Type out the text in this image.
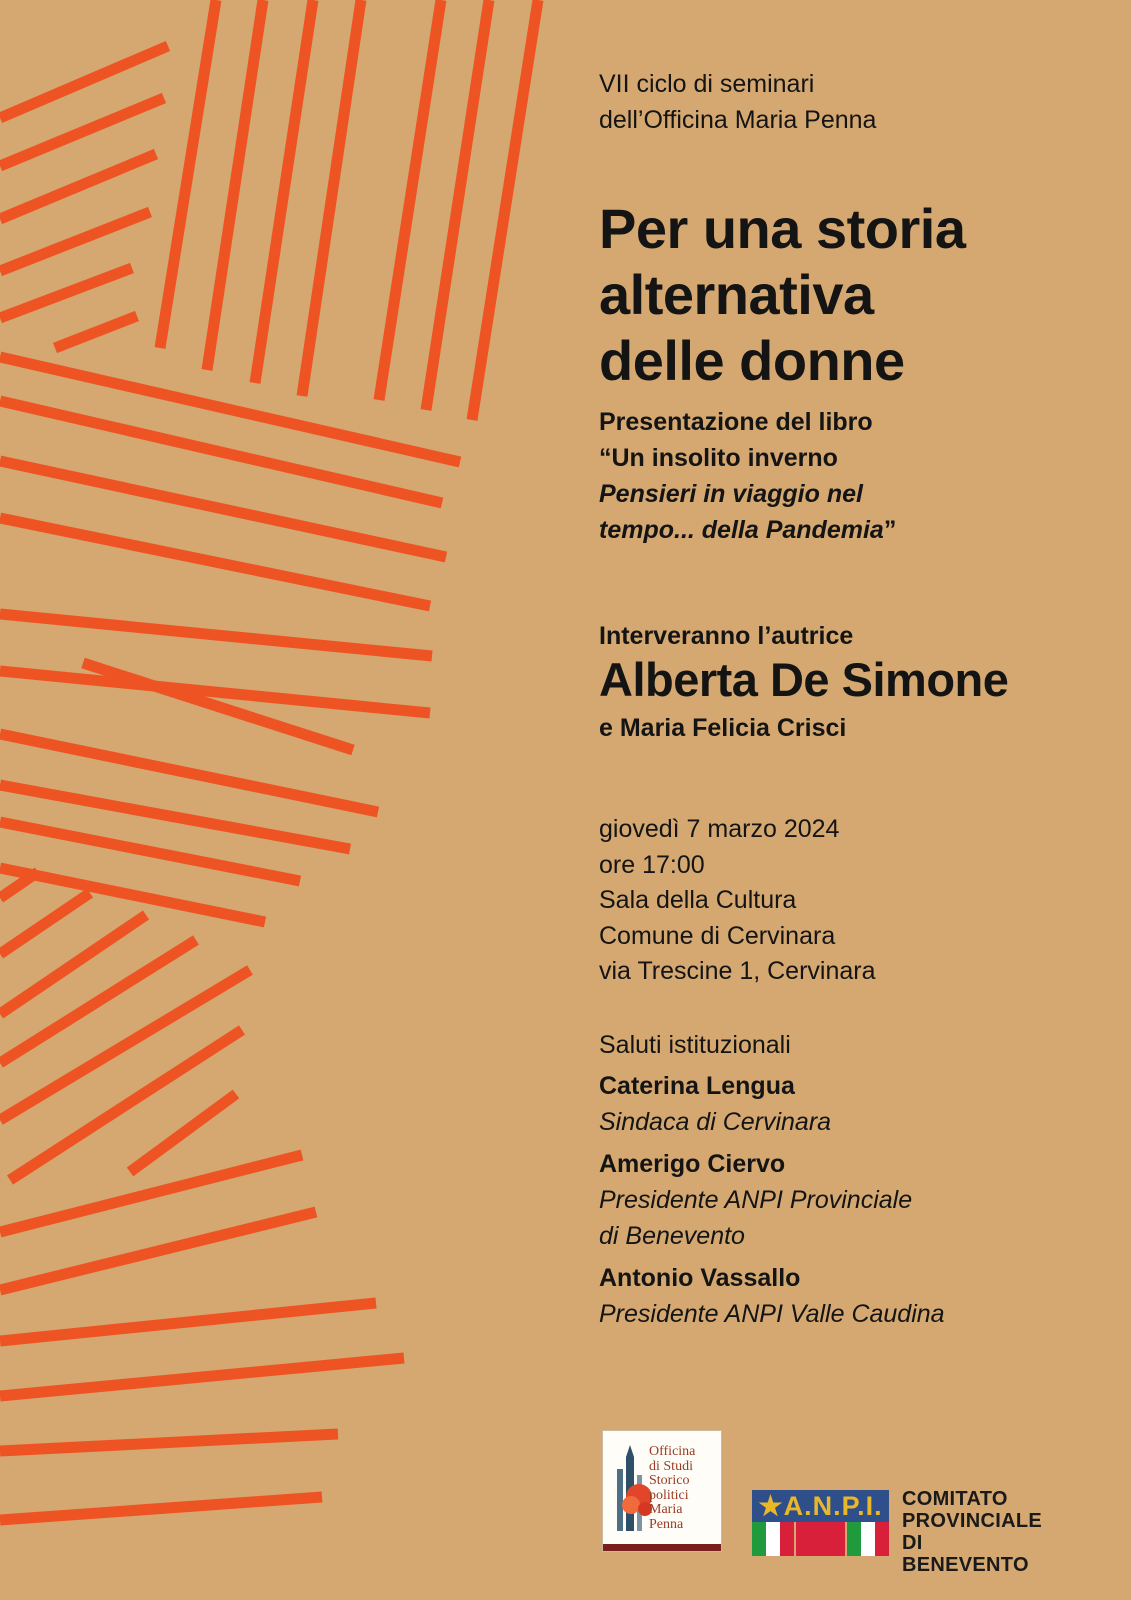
VII ciclo di seminari
dell’Officina Maria Penna
Per una storia
alternativa
delle donne
Presentazione del libro
“Un insolito inverno
Pensieri in viaggio nel
tempo... della Pandemia”
Interveranno l’autrice
Alberta De Simone
e Maria Felicia Crisci
giovedì 7 marzo 2024
ore 17:00
Sala della Cultura
Comune di Cervinara
via Trescine 1, Cervinara
Saluti istituzionali
Caterina Lengua
Sindaca di Cervinara
Amerigo Ciervo
Presidente ANPI Provinciale
di Benevento
Antonio Vassallo
Presidente ANPI Valle Caudina
Officina
di Studi
Storico
politici
Maria
Penna
★A.N.P.I. COMITATO
PROVINCIALE
DI BENEVENTO
